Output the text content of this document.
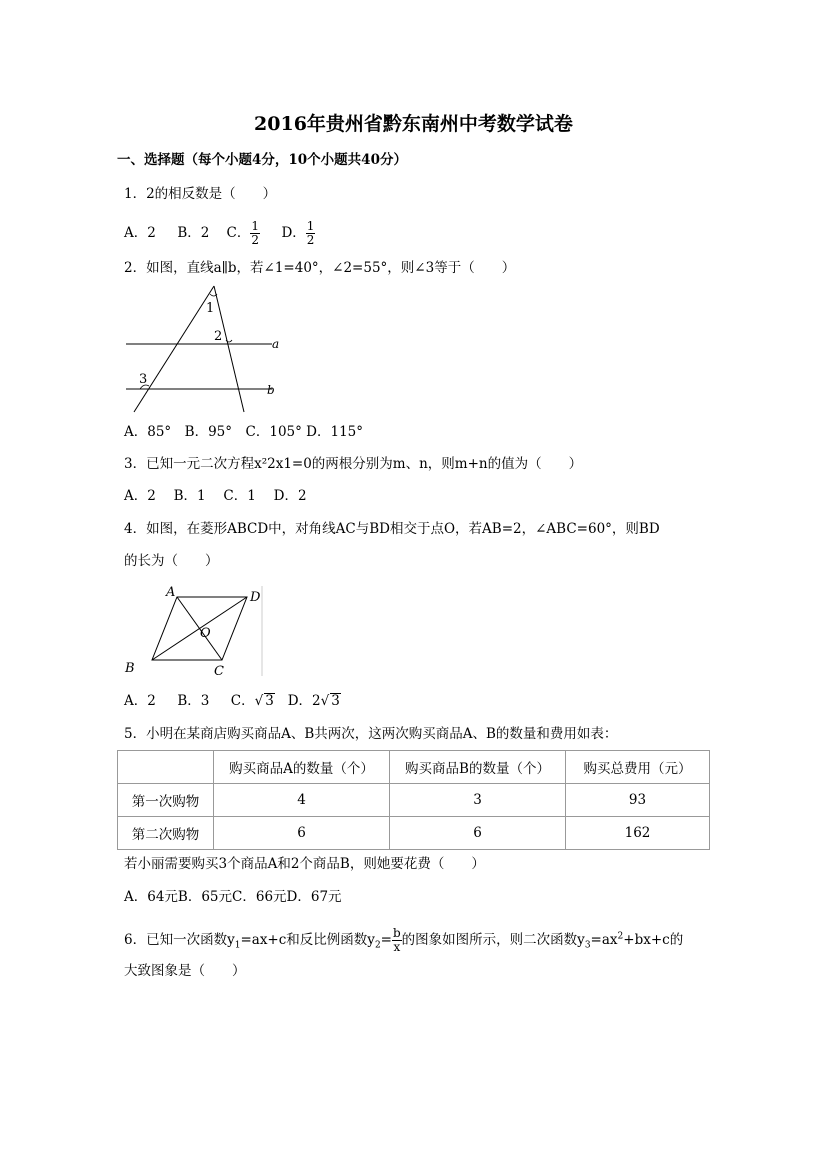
2016年贵州省黔东南州中考数学试卷
一、选择题（每个小题4分，10个小题共40分）
1．2的相反数是（　　）
A．2 B．2 C． $\frac{1}{2}$ D． $\frac{1}{2}$
2．如图，直线a∥b，若∠1=40°，∠2=55°，则∠3等于（　　）
1
2
3
a
b
A．85°　B．95°　C．105° D．115°
3．已知一元二次方程x²2x1=0的两根分别为m、n，则m+n的值为（　　）
A．2　 B．1　 C．1　 D．2
4．如图，在菱形ABCD中，对角线AC与BD相交于点O，若AB=2，∠ABC=60°，则BD
的长为（　　）
A	D
B	C
O
A．2 B．3 C．√ 3 D．2√ 3
5．小明在某商店购买商品A、B共两次，这两次购买商品A、B的数量和费用如表：
	购买商品A的数量（个）	购买商品B的数量（个）	购买总费用（元）
第一次购物	4	3	93
第二次购物	6	6	162
若小丽需要购买3个商品A和2个商品B，则她要花费（　　）
A．64元B．65元C．66元D．67元
6．已知一次函数$y_1=ax+c$和反比例函数$y_2= \frac{b}{x}$ 的图象如图所示，则二次函数$y_3=ax^2+bx+c$的
大致图象是（　　）
